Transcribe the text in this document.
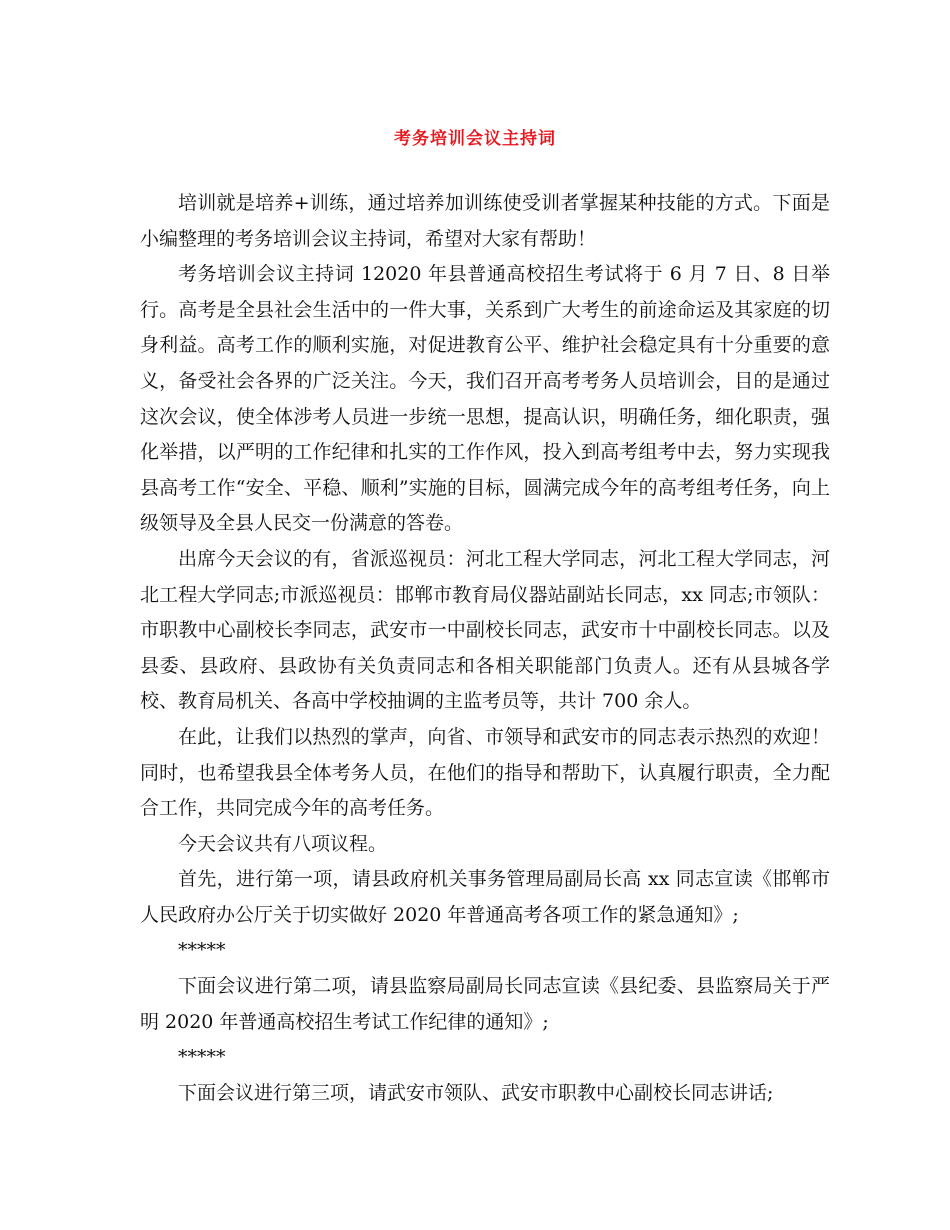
考务培训会议主持词

培训就是培养+训练，通过培养加训练使受训者掌握某种技能的方式。下面是小编整理的考务培训会议主持词，希望对大家有帮助！

考务培训会议主持词 12020 年县普通高校招生考试将于 6 月 7 日、8 日举行。高考是全县社会生活中的一件大事，关系到广大考生的前途命运及其家庭的切身利益。高考工作的顺利实施，对促进教育公平、维护社会稳定具有十分重要的意义，备受社会各界的广泛关注。今天，我们召开高考考务人员培训会，目的是通过这次会议，使全体涉考人员进一步统一思想，提高认识，明确任务，细化职责，强化举措，以严明的工作纪律和扎实的工作作风，投入到高考组考中去，努力实现我县高考工作“安全、平稳、顺利”实施的目标，圆满完成今年的高考组考任务，向上级领导及全县人民交一份满意的答卷。

出席今天会议的有，省派巡视员：河北工程大学同志，河北工程大学同志，河北工程大学同志;市派巡视员：邯郸市教育局仪器站副站长同志，xx 同志;市领队：市职教中心副校长李同志，武安市一中副校长同志，武安市十中副校长同志。以及县委、县政府、县政协有关负责同志和各相关职能部门负责人。还有从县城各学校、教育局机关、各高中学校抽调的主监考员等，共计 700 余人。

在此，让我们以热烈的掌声，向省、市领导和武安市的同志表示热烈的欢迎！同时，也希望我县全体考务人员，在他们的指导和帮助下，认真履行职责，全力配合工作，共同完成今年的高考任务。

今天会议共有八项议程。

首先，进行第一项，请县政府机关事务管理局副局长高 xx 同志宣读《邯郸市人民政府办公厅关于切实做好 2020 年普通高考各项工作的紧急通知》;

*****

下面会议进行第二项，请县监察局副局长同志宣读《县纪委、县监察局关于严明 2020 年普通高校招生考试工作纪律的通知》;

*****

下面会议进行第三项，请武安市领队、武安市职教中心副校长同志讲话;
